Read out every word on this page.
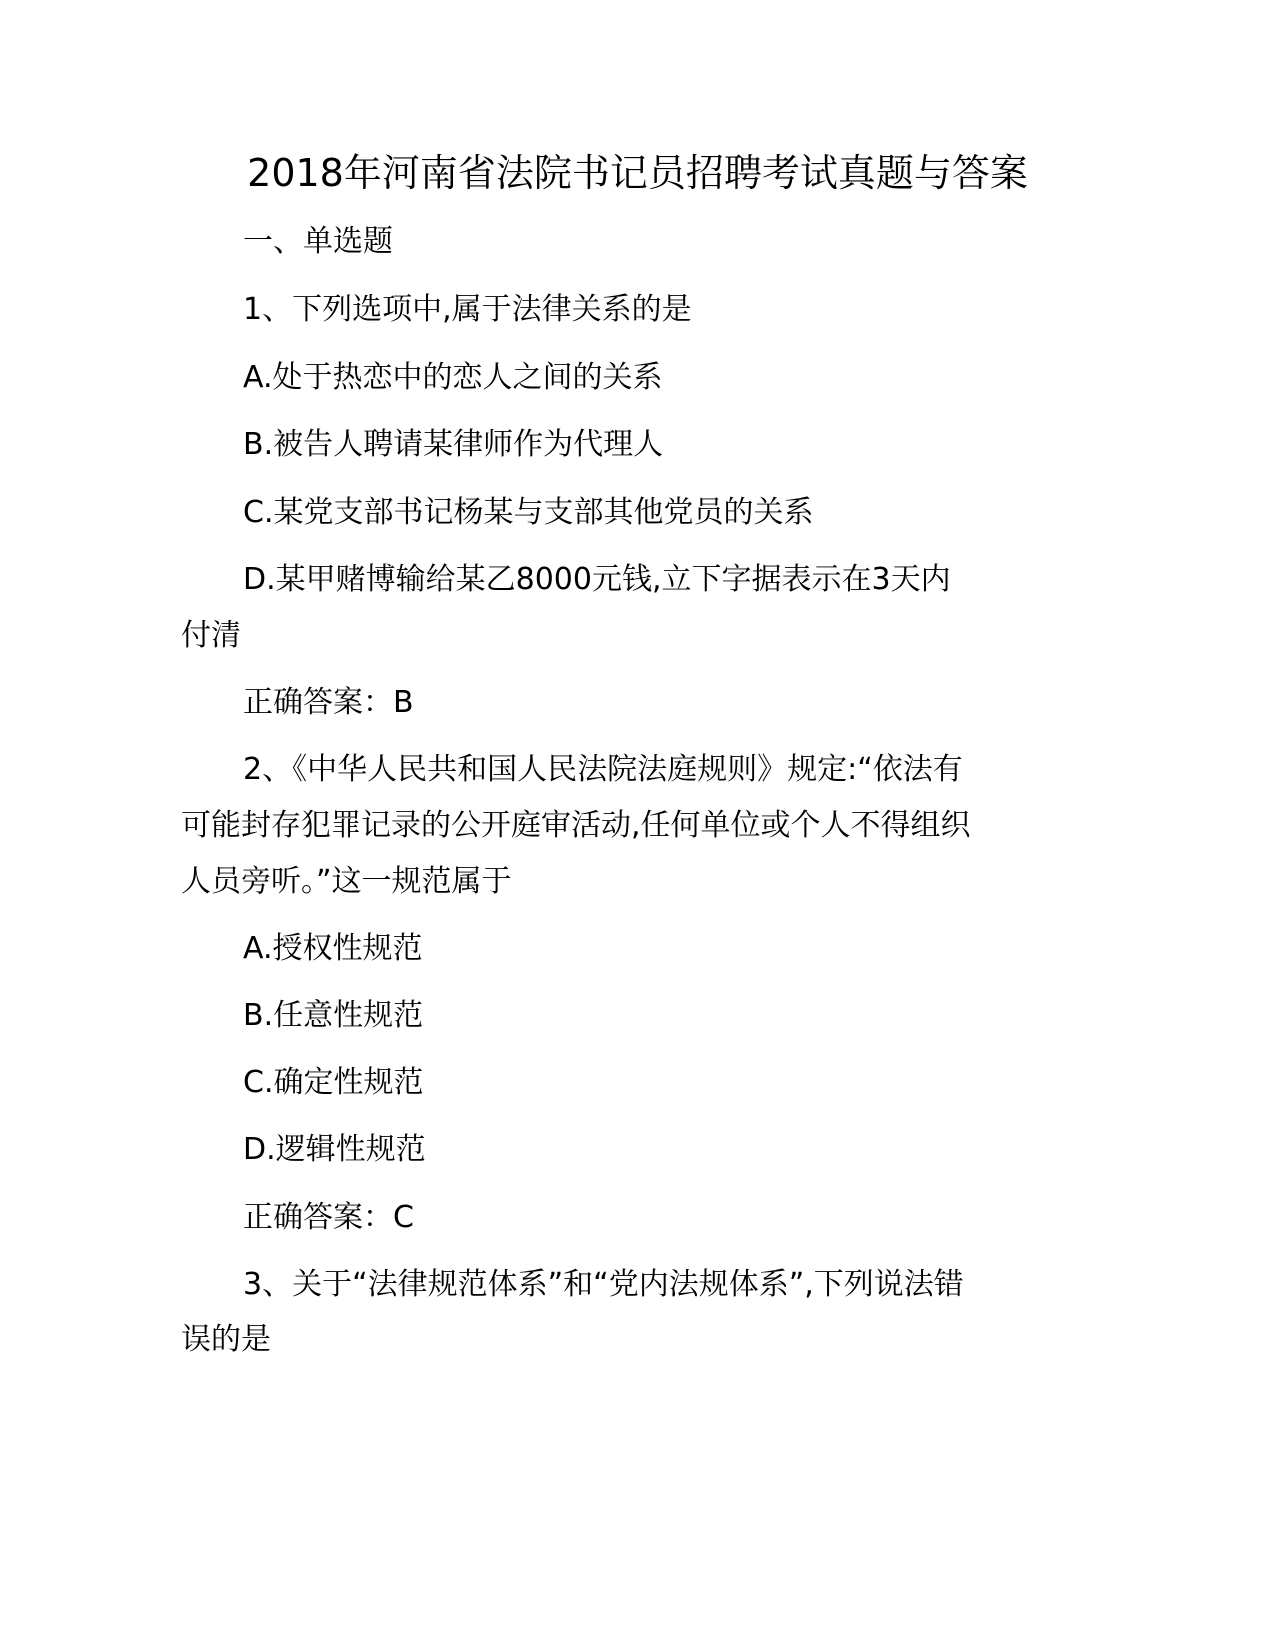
2018年河南省法院书记员招聘考试真题与答案
一、单选题
1、下列选项中,属于法律关系的是
A.处于热恋中的恋人之间的关系
B.被告人聘请某律师作为代理人
C.某党支部书记杨某与支部其他党员的关系
D.某甲赌博输给某乙8000元钱,立下字据表示在3天内
付清
正确答案：B
2、《中华人民共和国人民法院法庭规则》规定:“依法有
可能封存犯罪记录的公开庭审活动,任何单位或个人不得组织
人员旁听。”这一规范属于
A.授权性规范
B.任意性规范
C.确定性规范
D.逻辑性规范
正确答案：C
3、关于“法律规范体系”和“党内法规体系”,下列说法错
误的是
